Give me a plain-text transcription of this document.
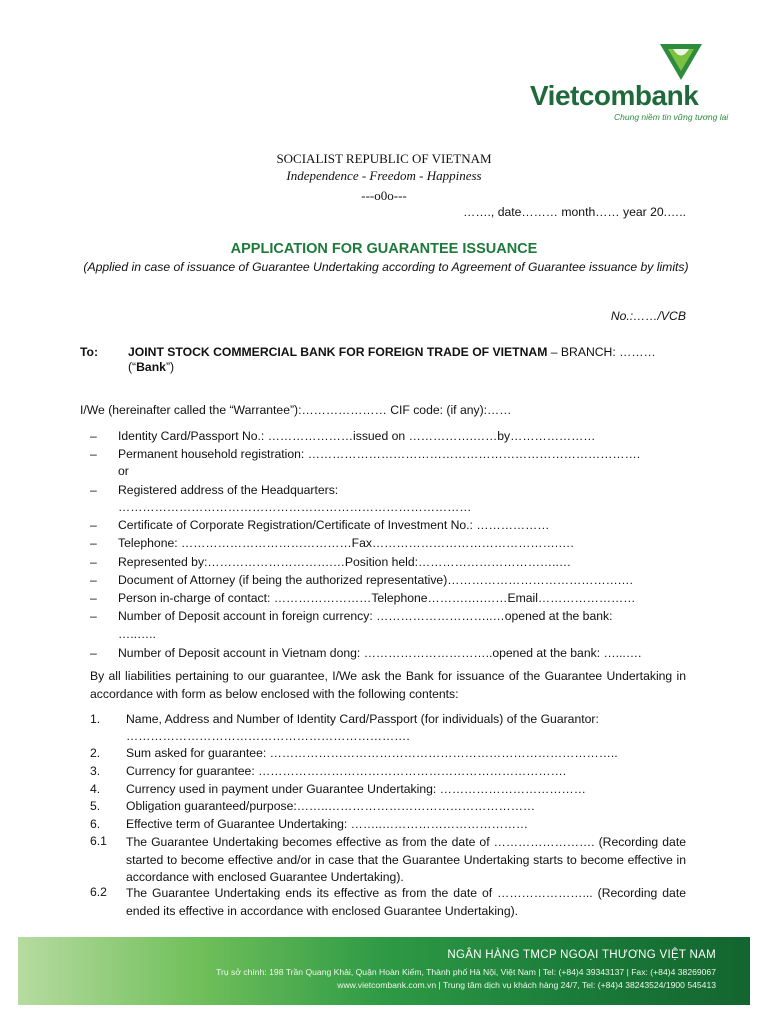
Vietcombank
Chung niềm tin vững tương lai
SOCIALIST REPUBLIC OF VIETNAM
Independence - Freedom - Happiness
---o0o---
……., date……… month…… year 20.…..
APPLICATION FOR GUARANTEE ISSUANCE
(Applied in case of issuance of Guarantee Undertaking according to Agreement of Guarantee issuance by limits)
No.:……/VCB
To: JOINT STOCK COMMERCIAL BANK FOR FOREIGN TRADE OF VIETNAM – BRANCH: ………
(“Bank”)
I/We (hereinafter called the “Warrantee”):………………… CIF code: (if any):……
– Identity Card/Passport No.: …………………issued on …………….……by…………………
– Permanent household registration: ……………………………………………………………………….
or
– Registered address of the Headquarters:
……………………………………………………………………………
– Certificate of Corporate Registration/Certificate of Investment No.: ………………
– Telephone: ……………………………………Fax……………………………………….….
– Represented by:………………………….…Position held:……………………………..…
– Document of Attorney (if being the authorized representative)…………………………………….…
– Person in-charge of contact: ……………………Telephone……….….……Email……………………
– Number of Deposit account in foreign currency: ………………………..…opened at the bank:
…..…..
– Number of Deposit account in Vietnam dong: …………………………..opened at the bank: …...….
By all liabilities pertaining to our guarantee, I/We ask the Bank for issuance of the Guarantee Undertaking in accordance with form as below enclosed with the following contents:
1. Name, Address and Number of Identity Card/Passport (for individuals) of the Guarantor:
…………………………………………………………….
2. Sum asked for guarantee: …………………………………………………………………………..
3. Currency for guarantee: ………………………………………………………………….
4. Currency used in payment under Guarantee Undertaking: ………………………………
5. Obligation guaranteed/purpose:……..……………………………………………
6. Effective term of Guarantee Undertaking: ……..………………………………
6.1 The Guarantee Undertaking becomes effective as from the date of ……………………. (Recording date started to become effective and/or in case that the Guarantee Undertaking starts to become effective in accordance with enclosed Guarantee Undertaking).
6.2 The Guarantee Undertaking ends its effective as from the date of …………………... (Recording date ended its effective in accordance with enclosed Guarantee Undertaking).
NGÂN HÀNG TMCP NGOẠI THƯƠNG VIỆT NAM
Trụ sở chính: 198 Trần Quang Khải, Quận Hoàn Kiếm, Thành phố Hà Nội, Việt Nam | Tel: (+84)4 39343137 | Fax: (+84)4 38269067
www.vietcombank.com.vn | Trung tâm dịch vụ khách hàng 24/7, Tel: (+84)4 38243524/1900 545413
